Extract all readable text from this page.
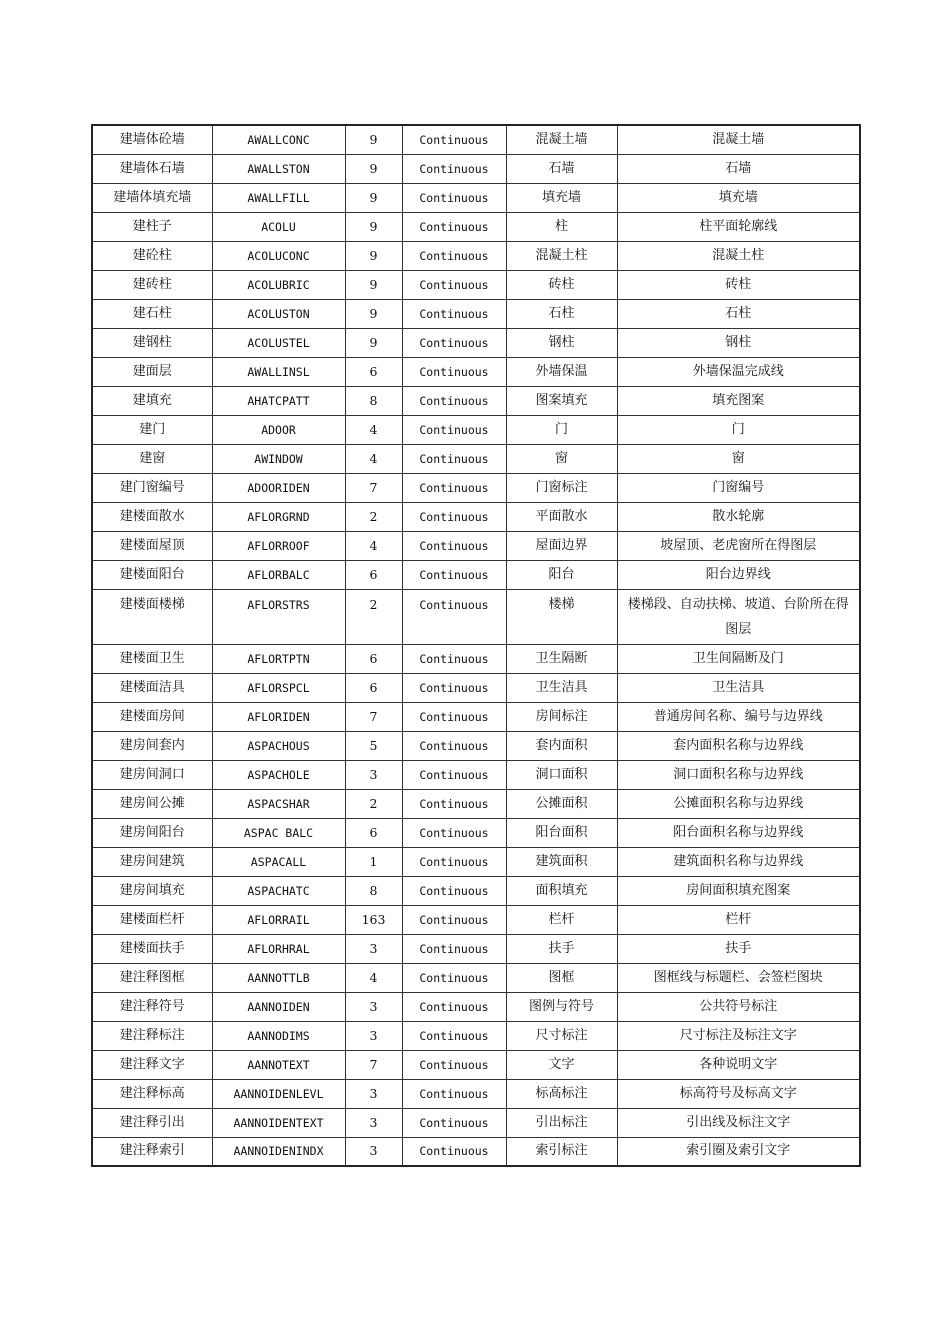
建墙体砼墙	AWALLCONC	9	Continuous	混凝土墙	混凝土墙
建墙体石墙	AWALLSTON	9	Continuous	石墙	石墙
建墙体填充墙	AWALLFILL	9	Continuous	填充墙	填充墙
建柱子	ACOLU	9	Continuous	柱	柱平面轮廓线
建砼柱	ACOLUCONC	9	Continuous	混凝土柱	混凝土柱
建砖柱	ACOLUBRIC	9	Continuous	砖柱	砖柱
建石柱	ACOLUSTON	9	Continuous	石柱	石柱
建钢柱	ACOLUSTEL	9	Continuous	钢柱	钢柱
建面层	AWALLINSL	6	Continuous	外墙保温	外墙保温完成线
建填充	AHATCPATT	8	Continuous	图案填充	填充图案
建门	ADOOR	4	Continuous	门	门
建窗	AWINDOW	4	Continuous	窗	窗
建门窗编号	ADOORIDEN	7	Continuous	门窗标注	门窗编号
建楼面散水	AFLORGRND	2	Continuous	平面散水	散水轮廓
建楼面屋顶	AFLORROOF	4	Continuous	屋面边界	坡屋顶、老虎窗所在得图层
建楼面阳台	AFLORBALC	6	Continuous	阳台	阳台边界线
建楼面楼梯	AFLORSTRS	2	Continuous	楼梯	楼梯段、自动扶梯、坡道、台阶所在得图层
建楼面卫生	AFLORTPTN	6	Continuous	卫生隔断	卫生间隔断及门
建楼面洁具	AFLORSPCL	6	Continuous	卫生洁具	卫生洁具
建楼面房间	AFLORIDEN	7	Continuous	房间标注	普通房间名称、编号与边界线
建房间套内	ASPACHOUS	5	Continuous	套内面积	套内面积名称与边界线
建房间洞口	ASPACHOLE	3	Continuous	洞口面积	洞口面积名称与边界线
建房间公摊	ASPACSHAR	2	Continuous	公摊面积	公摊面积名称与边界线
建房间阳台	ASPAC BALC	6	Continuous	阳台面积	阳台面积名称与边界线
建房间建筑	ASPACALL	1	Continuous	建筑面积	建筑面积名称与边界线
建房间填充	ASPACHATC	8	Continuous	面积填充	房间面积填充图案
建楼面栏杆	AFLORRAIL	163	Continuous	栏杆	栏杆
建楼面扶手	AFLORHRAL	3	Continuous	扶手	扶手
建注释图框	AANNOTTLB	4	Continuous	图框	图框线与标题栏、会签栏图块
建注释符号	AANNOIDEN	3	Continuous	图例与符号	公共符号标注
建注释标注	AANNODIMS	3	Continuous	尺寸标注	尺寸标注及标注文字
建注释文字	AANNOTEXT	7	Continuous	文字	各种说明文字
建注释标高	AANNOIDENLEVL	3	Continuous	标高标注	标高符号及标高文字
建注释引出	AANNOIDENTEXT	3	Continuous	引出标注	引出线及标注文字
建注释索引	AANNOIDENINDX	3	Continuous	索引标注	索引圈及索引文字
